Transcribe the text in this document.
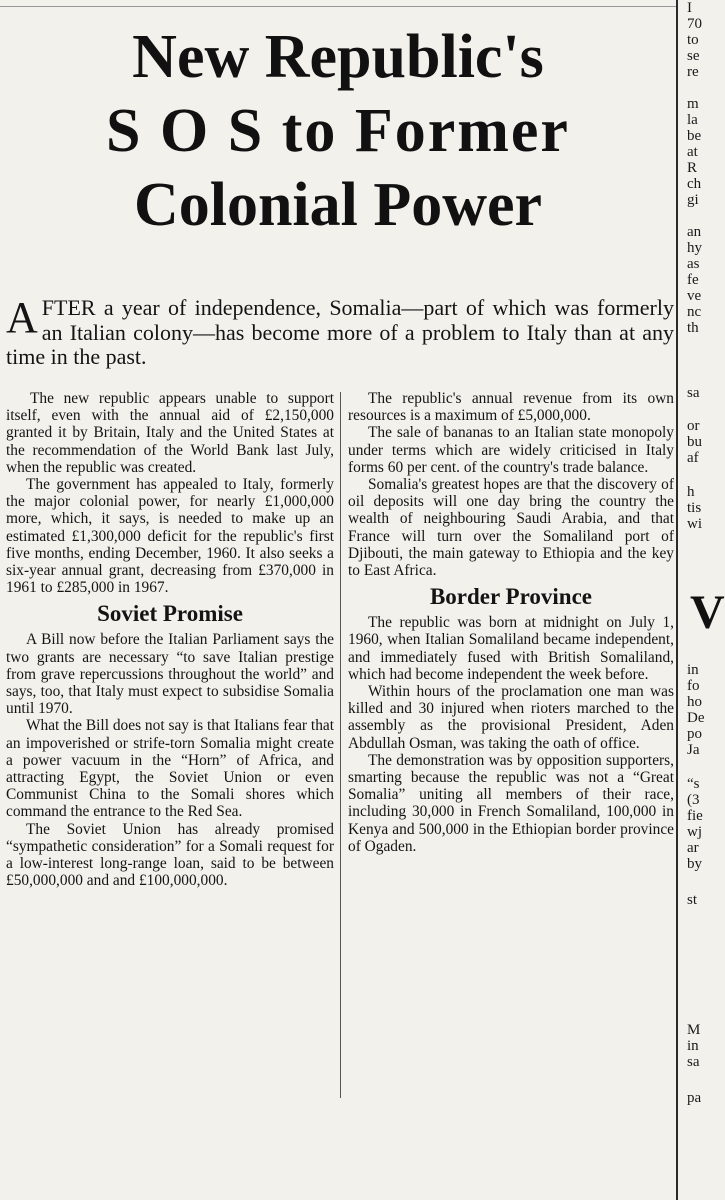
I
70
to
se
re
m
la
be
at
R
ch
gi
an
hy
as
fe
ve
nc
th
sa
or
bu
af
h
tis
wi
in
fo
ho
De
po
Ja
“s
(3
fie
wj
ar
by
st
M
in
sa
pa
V
New Republic's
S O S to Former
Colonial Power

AFTER a year of independence, Somalia—part of which was formerly an Italian colony—has become more of a problem to Italy than at any time in the past.

The new republic appears unable to support itself, even with the annual aid of £2,150,000 granted it by Britain, Italy and the United States at the recommendation of the World Bank last July, when the republic was created.

The government has appealed to Italy, formerly the major colonial power, for nearly £1,000,000 more, which, it says, is needed to make up an estimated £1,300,000 deficit for the republic's first five months, ending December, 1960. It also seeks a six-year annual grant, decreasing from £370,000 in 1961 to £285,000 in 1967.

Soviet Promise

A Bill now before the Italian Parliament says the two grants are necessary “to save Italian prestige from grave repercussions throughout the world” and says, too, that Italy must expect to subsidise Somalia until 1970.

What the Bill does not say is that Italians fear that an impoverished or strife-torn Somalia might create a power vacuum in the “Horn” of Africa, and attracting Egypt, the Soviet Union or even Communist China to the Somali shores which command the entrance to the Red Sea.

The Soviet Union has already promised “sympathetic consideration” for a Somali request for a low-interest long-range loan, said to be between £50,000,000 and and £100,000,000.

The republic's annual revenue from its own resources is a maximum of £5,000,000.

The sale of bananas to an Italian state monopoly under terms which are widely criticised in Italy forms 60 per cent. of the country's trade balance.

Somalia's greatest hopes are that the discovery of oil deposits will one day bring the country the wealth of neighbouring Saudi Arabia, and that France will turn over the Somaliland port of Djibouti, the main gateway to Ethiopia and the key to East Africa.

Border Province

The republic was born at midnight on July 1, 1960, when Italian Somaliland became independent, and immediately fused with British Somaliland, which had become independent the week before.

Within hours of the proclamation one man was killed and 30 injured when rioters marched to the assembly as the provisional President, Aden Abdullah Osman, was taking the oath of office.

The demonstration was by opposition supporters, smarting because the republic was not a “Great Somalia” uniting all members of their race, including 30,000 in French Somaliland, 100,000 in Kenya and 500,000 in the Ethiopian border province of Ogaden.
